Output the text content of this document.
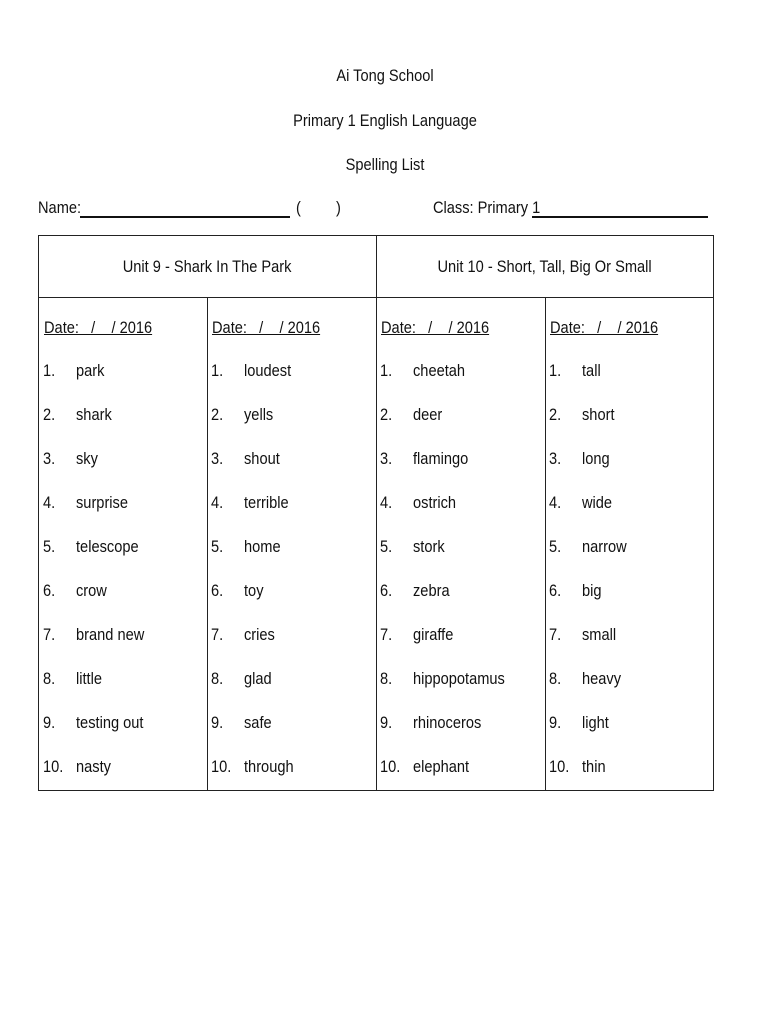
Ai Tong School
Primary 1 English Language
Spelling List
Name:	( )	Class: Primary 1
Unit 9 - Shark In The Park	Unit 10 - Short, Tall, Big Or Small
Date:   /    / 2016
1. park
2. shark
3. sky
4. surprise
5. telescope
6. crow
7. brand new
8. little
9. testing out
10. nasty
Date:   /    / 2016
1. loudest
2. yells
3. shout
4. terrible
5. home
6. toy
7. cries
8. glad
9. safe
10. through
Date:   /    / 2016
1. cheetah
2. deer
3. flamingo
4. ostrich
5. stork
6. zebra
7. giraffe
8. hippopotamus
9. rhinoceros
10. elephant
Date:   /    / 2016
1. tall
2. short
3. long
4. wide
5. narrow
6. big
7. small
8. heavy
9. light
10. thin
